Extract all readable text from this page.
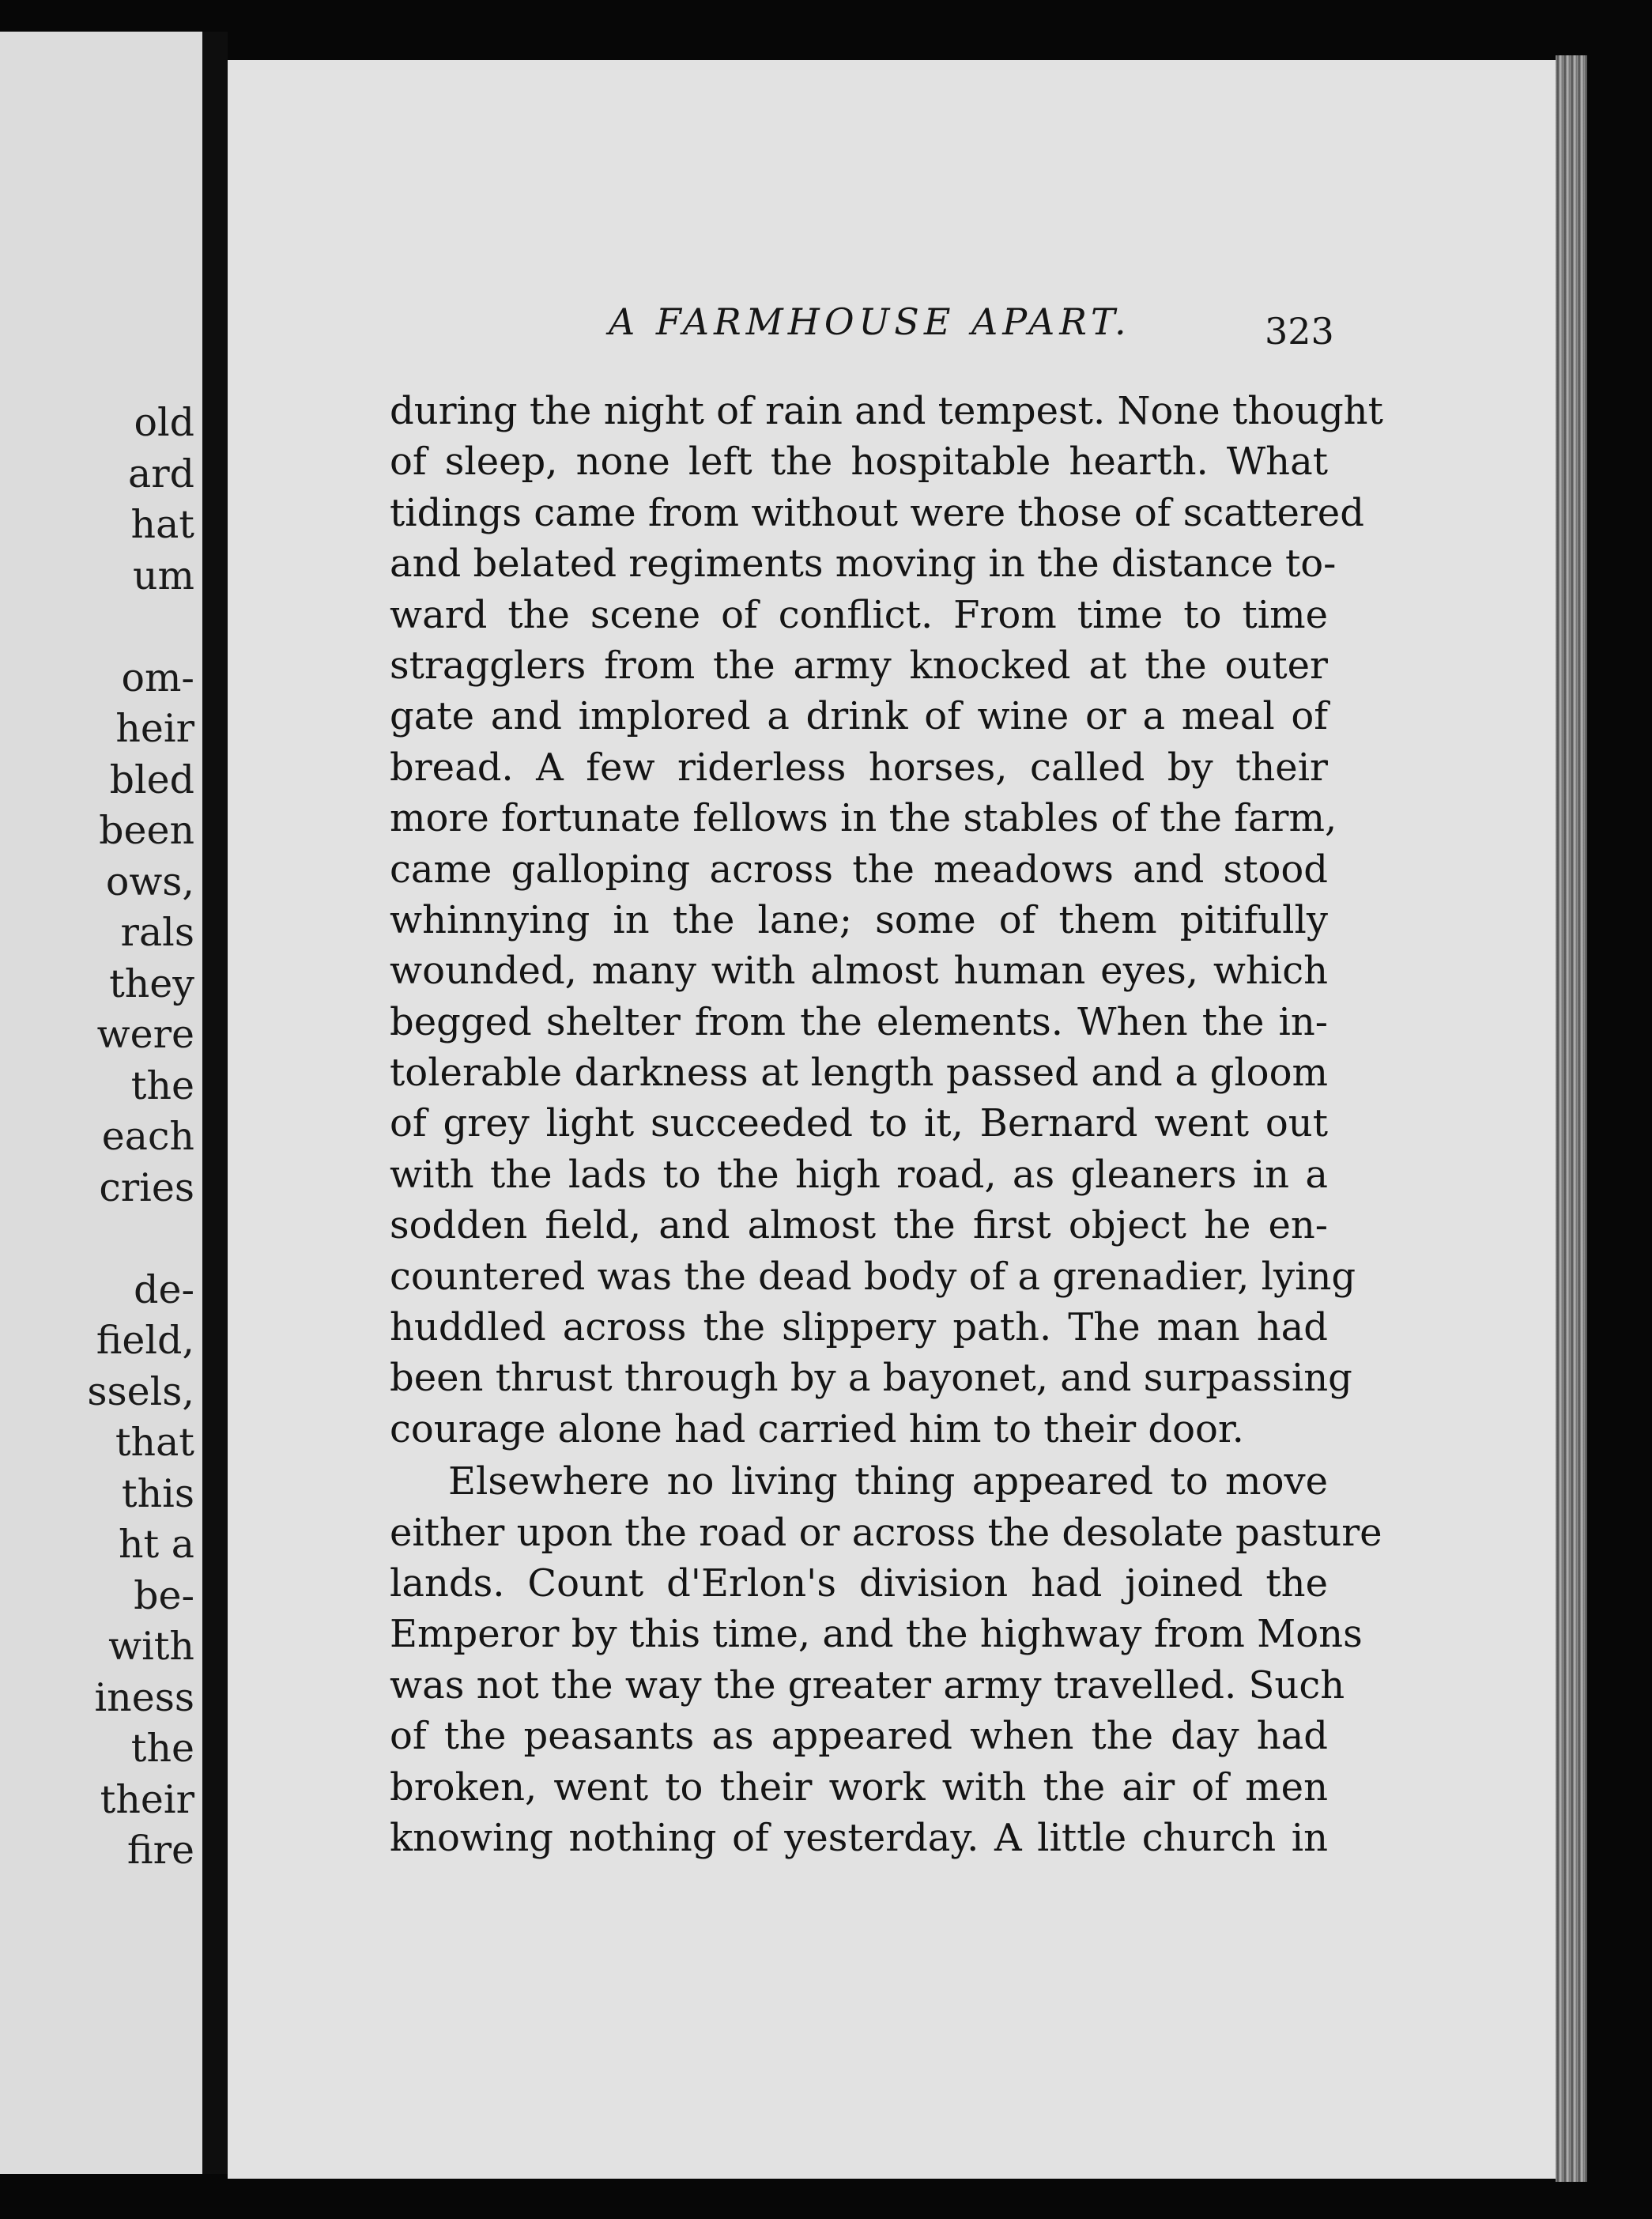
old
ard
hat
um
om-
heir
bled
been
ows,
rals
they
were
the
each
cries
de-
field,
ssels,
that
this
ht a
be-
with
iness
the
their
fire
A FARMHOUSE APART.	323
during the night of rain and tempest. None thought
of sleep, none left the hospitable hearth. What
tidings came from without were those of scattered
and belated regiments moving in the distance to-
ward the scene of conflict. From time to time
stragglers from the army knocked at the outer
gate and implored a drink of wine or a meal of
bread. A few riderless horses, called by their
more fortunate fellows in the stables of the farm,
came galloping across the meadows and stood
whinnying in the lane; some of them pitifully
wounded, many with almost human eyes, which
begged shelter from the elements. When the in-
tolerable darkness at length passed and a gloom
of grey light succeeded to it, Bernard went out
with the lads to the high road, as gleaners in a
sodden field, and almost the first object he en-
countered was the dead body of a grenadier, lying
huddled across the slippery path. The man had
been thrust through by a bayonet, and surpassing
courage alone had carried him to their door.
Elsewhere no living thing appeared to move
either upon the road or across the desolate pasture
lands. Count d'Erlon's division had joined the
Emperor by this time, and the highway from Mons
was not the way the greater army travelled. Such
of the peasants as appeared when the day had
broken, went to their work with the air of men
knowing nothing of yesterday. A little church in
